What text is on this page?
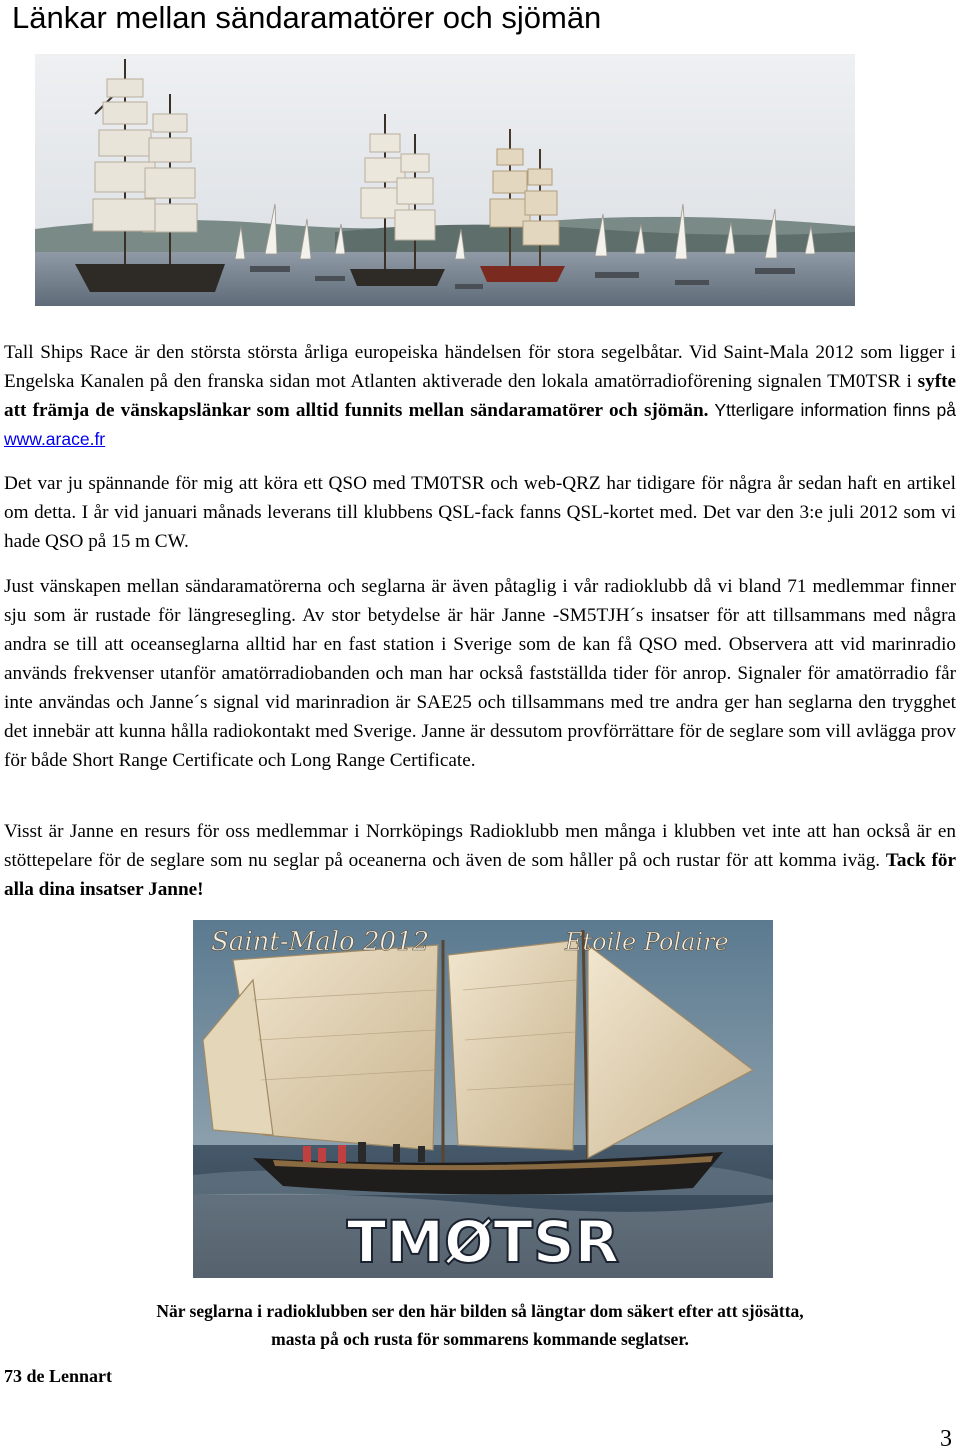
Länkar mellan sändaramatörer och sjömän

Tall Ships Race är den största största årliga europeiska händelsen för stora segelbåtar. Vid Saint-Mala 2012 som ligger i Engelska Kanalen på den franska sidan mot Atlanten aktiverade den lokala amatörradioförening signalen TM0TSR i syfte att främja de vänskapslänkar som alltid funnits mellan sändaramatörer och sjömän. Ytterligare information finns på www.arace.fr

Det var ju spännande för mig att köra ett QSO med TM0TSR och web-QRZ har tidigare för några år sedan haft en artikel om detta. I år vid januari månads leverans till klubbens QSL-fack fanns QSL-kortet med. Det var den 3:e juli 2012 som vi hade QSO på 15 m CW.

Just vänskapen mellan sändaramatörerna och seglarna är även påtaglig i vår radioklubb då vi bland 71 medlemmar finner sju som är rustade för längresegling. Av stor betydelse är här Janne -SM5TJH´s insatser för att tillsammans med några andra se till att oceanseglarna alltid har en fast station i Sverige som de kan få QSO med. Observera att vid marinradio används frekvenser utanför amatörradiobanden och man har också fastställda tider för anrop. Signaler för amatörradio får inte användas och Janne´s signal vid marinradion är SAE25 och tillsammans med tre andra ger han seglarna den trygghet det innebär att kunna hålla radiokontakt med Sverige. Janne är dessutom provförrättare för de seglare som vill avlägga prov för både Short Range Certificate och Long Range Certificate.

Visst är Janne en resurs för oss medlemmar i Norrköpings Radioklubb men många i klubben vet inte att han också är en stöttepelare för de seglare som nu seglar på oceanerna och även de som håller på och rustar för att komma iväg. Tack för alla dina insatser Janne!

Saint-Malo 2012	Etoile Polaire
TMØTSR

När seglarna i radioklubben ser den här bilden så längtar dom säkert efter att sjösätta, masta på och rusta för sommarens kommande seglatser.

73 de Lennart

3
